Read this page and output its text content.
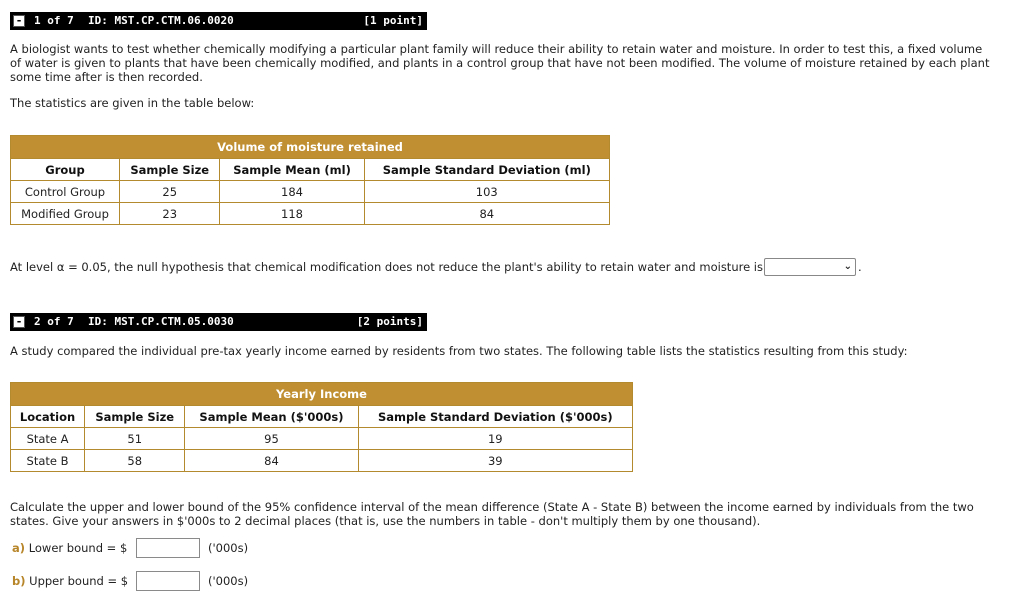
- 1 of 7 ID: MST.CP.CTM.06.0020	[1 point]

A biologist wants to test whether chemically modifying a particular plant family will reduce their ability to retain water and moisture. In order to test this, a fixed volume of water is given to plants that have been chemically modified, and plants in a control group that have not been modified. The volume of moisture retained by each plant some time after is then recorded.

The statistics are given in the table below:

Volume of moisture retained			
Group	Sample Size	Sample Mean (ml)	Sample Standard Deviation (ml)
Control Group	25	184	103
Modified Group	23	118	84
At level α = 0.05, the null hypothesis that chemical modification does not reduce the plant's ability to retain water and moisture is	⌄ .
- 2 of 7 ID: MST.CP.CTM.05.0030	[2 points]

A study compared the individual pre-tax yearly income earned by residents from two states. The following table lists the statistics resulting from this study:

Yearly Income			
Location	Sample Size	Sample Mean ($'000s)	Sample Standard Deviation ($'000s)
State A	51	95	19
State B	58	84	39

Calculate the upper and lower bound of the 95% confidence interval of the mean difference (State A - State B) between the income earned by individuals from the two states. Give your answers in $'000s to 2 decimal places (that is, use the numbers in table - don't multiply them by one thousand).

a) Lower bound = $	('000s)
b) Upper bound = $	('000s)
